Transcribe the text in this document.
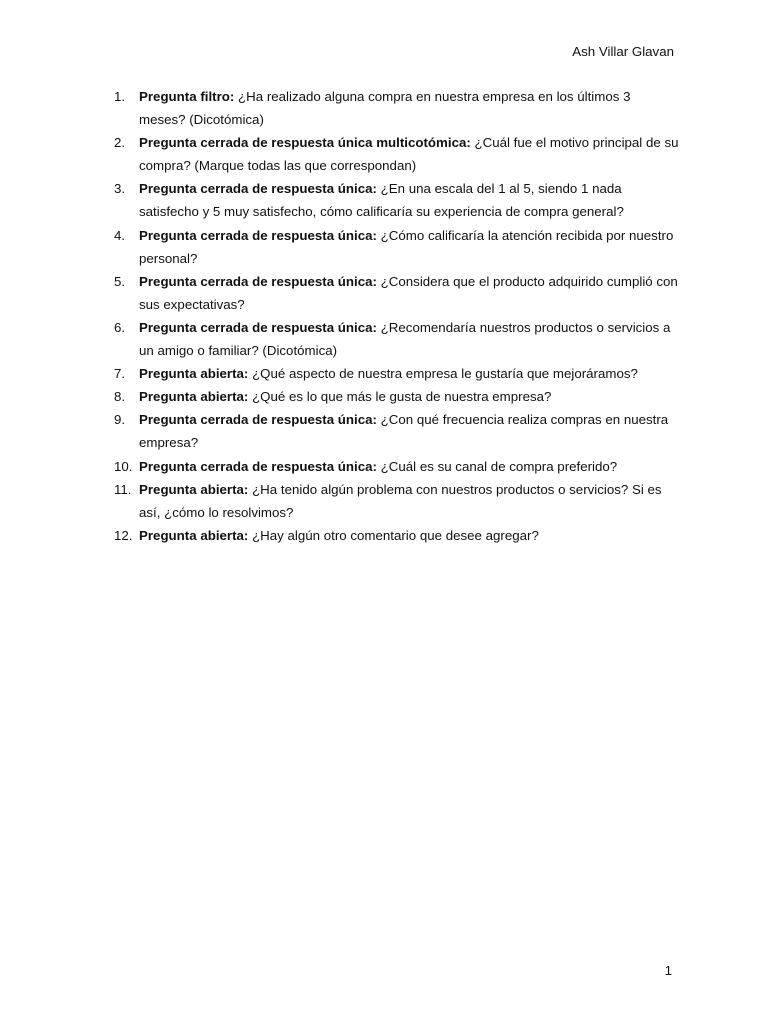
Ash Villar Glavan
1.	Pregunta filtro: ¿Ha realizado alguna compra en nuestra empresa en los últimos 3 meses? (Dicotómica)
2.	Pregunta cerrada de respuesta única multicotómica: ¿Cuál fue el motivo principal de su compra? (Marque todas las que correspondan)
3.	Pregunta cerrada de respuesta única: ¿En una escala del 1 al 5, siendo 1 nada satisfecho y 5 muy satisfecho, cómo calificaría su experiencia de compra general?
4.	Pregunta cerrada de respuesta única: ¿Cómo calificaría la atención recibida por nuestro personal?
5.	Pregunta cerrada de respuesta única: ¿Considera que el producto adquirido cumplió con sus expectativas?
6.	Pregunta cerrada de respuesta única: ¿Recomendaría nuestros productos o servicios a un amigo o familiar? (Dicotómica)
7.	Pregunta abierta: ¿Qué aspecto de nuestra empresa le gustaría que mejoráramos?
8.	Pregunta abierta: ¿Qué es lo que más le gusta de nuestra empresa?
9.	Pregunta cerrada de respuesta única: ¿Con qué frecuencia realiza compras en nuestra empresa?
10. Pregunta cerrada de respuesta única: ¿Cuál es su canal de compra preferido?
11. Pregunta abierta: ¿Ha tenido algún problema con nuestros productos o servicios? Si es así, ¿cómo lo resolvimos?
12. Pregunta abierta: ¿Hay algún otro comentario que desee agregar?
1
